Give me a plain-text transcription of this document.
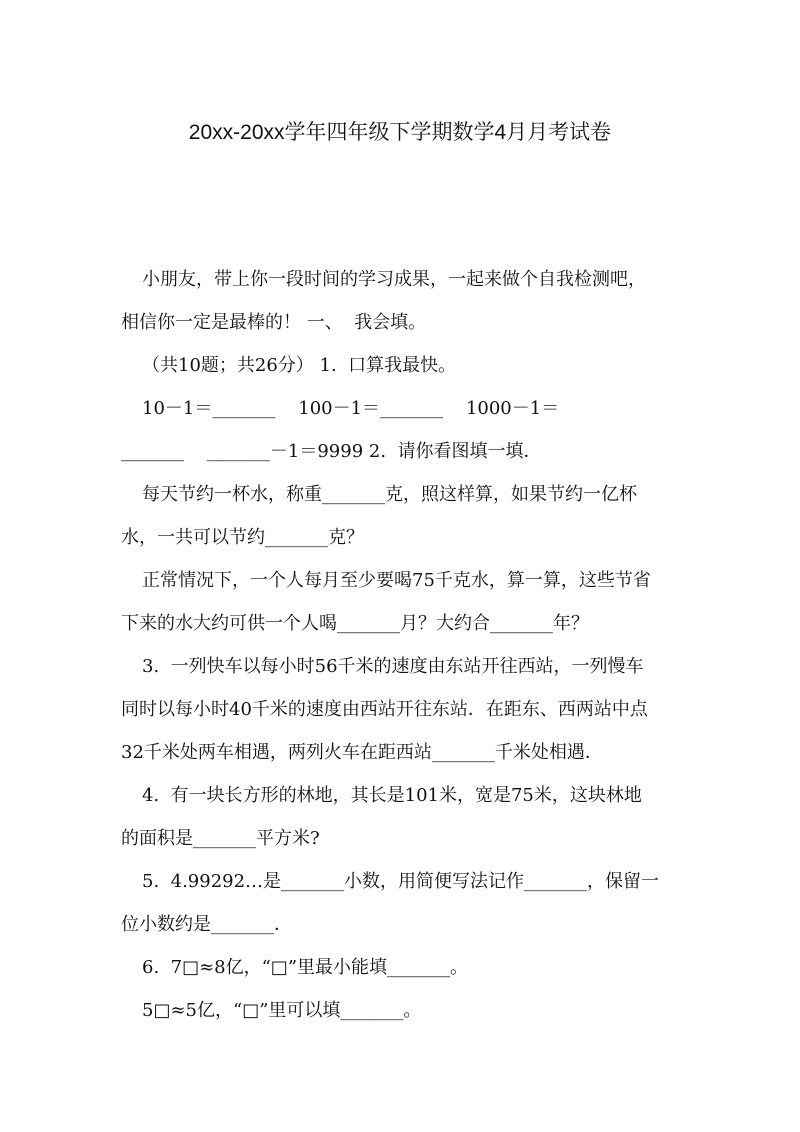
20xx-20xx学年四年级下学期数学4月月考试卷
小朋友，带上你一段时间的学习成果，一起来做个自我检测吧，
相信你一定是最棒的！ 一、  我会填。
（共10题；共26分） 1.  口算我最快。
10－1＝_______    100－1＝_______    1000－1＝
_______    _______－1＝9999 2.  请你看图填一填．
每天节约一杯水，称重_______克，照这样算，如果节约一亿杯
水，一共可以节约_______克？
正常情况下，一个人每月至少要喝75千克水，算一算，这些节省
下来的水大约可供一个人喝_______月？大约合_______年？
3.  一列快车以每小时56千米的速度由东站开往西站，一列慢车
同时以每小时40千米的速度由西站开往东站．在距东、西两站中点
32千米处两车相遇，两列火车在距西站_______千米处相遇．
4.  有一块长方形的林地，其长是101米，宽是75米，这块林地
的面积是_______平方米?
5.  4.99292…是_______小数，用简便写法记作_______，保留一
位小数约是_______．
6.  7□≈8亿，“□”里最小能填_______。
5□≈5亿，“□”里可以填_______。
